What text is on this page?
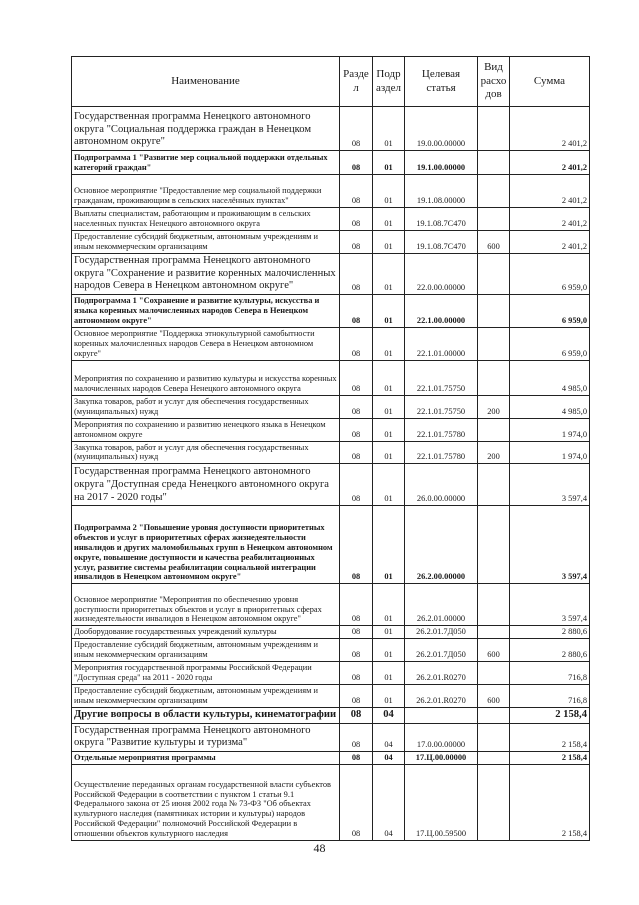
Наименование	Разде л	Подр аздел	Целевая статья	Вид расхо дов	Сумма
Государственная программа Ненецкого автономного округа "Социальная поддержка граждан в Ненецком автономном округе"	08	01	19.0.00.00000		2 401,2
Подпрограмма 1 "Развитие мер социальной поддержки отдельных категорий граждан"	08	01	19.1.00.00000		2 401,2
Основное мероприятие "Предоставление мер социальной поддержки гражданам, проживающим в сельских населённых пунктах"	08	01	19.1.08.00000		2 401,2
Выплаты специалистам, работающим и проживающим в сельских населенных пунктах Ненецкого автономного округа	08	01	19.1.08.7С470		2 401,2
Предоставление субсидий бюджетным, автономным учреждениям и иным некоммерческим организациям	08	01	19.1.08.7С470	600	2 401,2
Государственная программа Ненецкого автономного округа "Сохранение и развитие коренных малочисленных народов Севера в Ненецком автономном округе"	08	01	22.0.00.00000		6 959,0
Подпрограмма 1 "Сохранение и развитие культуры, искусства и языка коренных малочисленных народов Севера в Ненецком автономном округе"	08	01	22.1.00.00000		6 959,0
Основное мероприятие "Поддержка этнокультурной самобытности коренных малочисленных народов Севера в Ненецком автономном округе"	08	01	22.1.01.00000		6 959,0
Мероприятия по сохранению и развитию культуры и искусства коренных малочисленных народов Севера Ненецкого автономного округа	08	01	22.1.01.75750		4 985,0
Закупка товаров, работ и услуг для обеспечения государственных (муниципальных) нужд	08	01	22.1.01.75750	200	4 985,0
Мероприятия по сохранению и развитию ненецкого языка в Ненецком автономном округе	08	01	22.1.01.75780		1 974,0
Закупка товаров, работ и услуг для обеспечения государственных (муниципальных) нужд	08	01	22.1.01.75780	200	1 974,0
Государственная программа Ненецкого автономного округа "Доступная среда Ненецкого автономного округа на 2017 - 2020 годы"	08	01	26.0.00.00000		3 597,4
Подпрограмма 2 "Повышение уровня доступности приоритетных объектов и услуг в приоритетных сферах жизнедеятельности инвалидов и других маломобильных групп в Ненецком автономном округе, повышение доступности и качества реабилитационных услуг, развитие системы реабилитации социальной интеграции инвалидов в Ненецком автономном округе"	08	01	26.2.00.00000		3 597,4
Основное мероприятие "Мероприятия по обеспечению уровня доступности приоритетных объектов и услуг в приоритетных сферах жизнедеятельности инвалидов в Ненецком автономном округе"	08	01	26.2.01.00000		3 597,4
Дооборудование государственных учреждений культуры	08	01	26.2.01.7Д050		2 880,6
Предоставление субсидий бюджетным, автономным учреждениям и иным некоммерческим организациям	08	01	26.2.01.7Д050	600	2 880,6
Мероприятия государственной программы Российской Федерации "Доступная среда" на 2011 - 2020 годы	08	01	26.2.01.R0270		716,8
Предоставление субсидий бюджетным, автономным учреждениям и иным некоммерческим организациям	08	01	26.2.01.R0270	600	716,8
Другие вопросы в области культуры, кинематографии	08	04			2 158,4
Государственная программа Ненецкого автономного округа "Развитие культуры и туризма"	08	04	17.0.00.00000		2 158,4
Отдельные мероприятия программы	08	04	17.Ц.00.00000		2 158,4
Осуществление переданных органам государственной власти субъектов Российской Федерации в соответствии с пунктом 1 статьи 9.1 Федерального закона от 25 июня 2002 года № 73-ФЗ "Об объектах культурного наследия (памятниках истории и культуры) народов Российской Федерации" полномочий Российской Федерации в отношении объектов культурного наследия	08	04	17.Ц.00.59500		2 158,4
48
